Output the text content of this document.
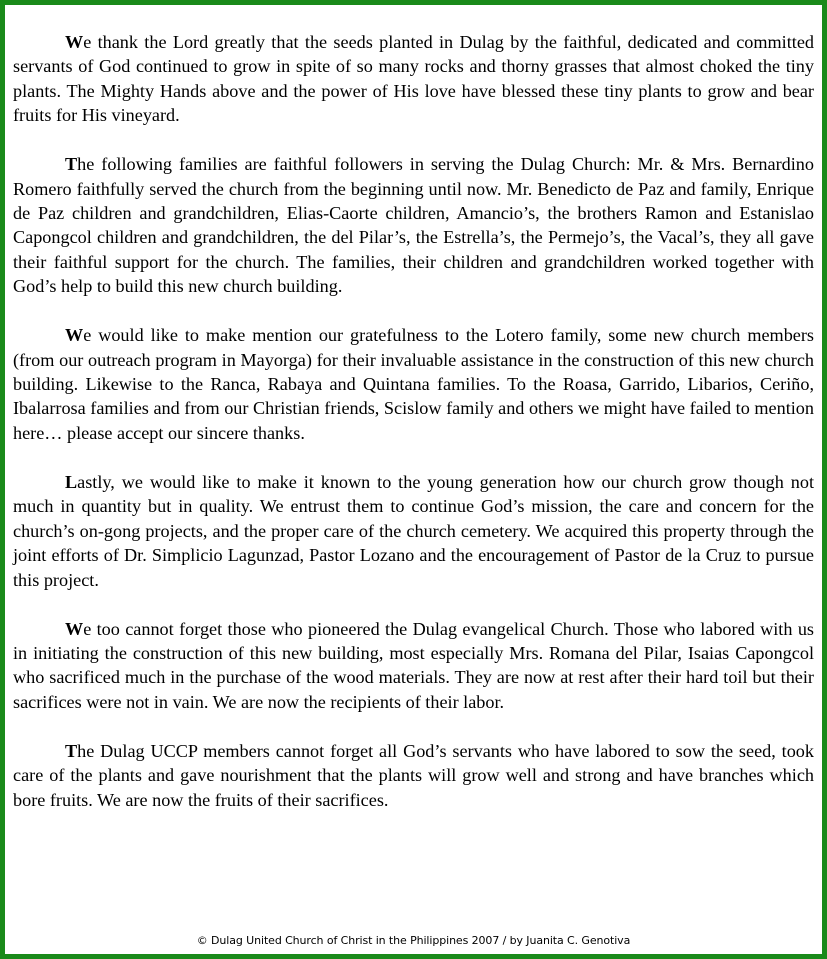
We thank the Lord greatly that the seeds planted in Dulag by the faithful, dedicated and committed servants of God continued to grow in spite of so many rocks and thorny grasses that almost choked the tiny plants. The Mighty Hands above and the power of His love have blessed these tiny plants to grow and bear fruits for His vineyard.

The following families are faithful followers in serving the Dulag Church: Mr. & Mrs. Bernardino Romero faithfully served the church from the beginning until now. Mr. Benedicto de Paz and family, Enrique de Paz children and grandchildren, Elias-Caorte children, Amancio’s, the brothers Ramon and Estanislao Capongcol children and grandchildren, the del Pilar’s, the Estrella’s, the Permejo’s, the Vacal’s, they all gave their faithful support for the church. The families, their children and grandchildren worked together with God’s help to build this new church building.

We would like to make mention our gratefulness to the Lotero family, some new church members (from our outreach program in Mayorga) for their invaluable assistance in the construction of this new church building. Likewise to the Ranca, Rabaya and Quintana families. To the Roasa, Garrido, Libarios, Ceriño, Ibalarrosa families and from our Christian friends, Scislow family and others we might have failed to mention here… please accept our sincere thanks.

Lastly, we would like to make it known to the young generation how our church grow though not much in quantity but in quality. We entrust them to continue God’s mission, the care and concern for the church’s on-gong projects, and the proper care of the church cemetery. We acquired this property through the joint efforts of Dr. Simplicio Lagunzad, Pastor Lozano and the encouragement of Pastor de la Cruz to pursue this project.

We too cannot forget those who pioneered the Dulag evangelical Church. Those who labored with us in initiating the construction of this new building, most especially Mrs. Romana del Pilar, Isaias Capongcol who sacrificed much in the purchase of the wood materials. They are now at rest after their hard toil but their sacrifices were not in vain. We are now the recipients of their labor.

The Dulag UCCP members cannot forget all God’s servants who have labored to sow the seed, took care of the plants and gave nourishment that the plants will grow well and strong and have branches which bore fruits. We are now the fruits of their sacrifices.

© Dulag United Church of Christ in the Philippines 2007 / by Juanita C. Genotiva
